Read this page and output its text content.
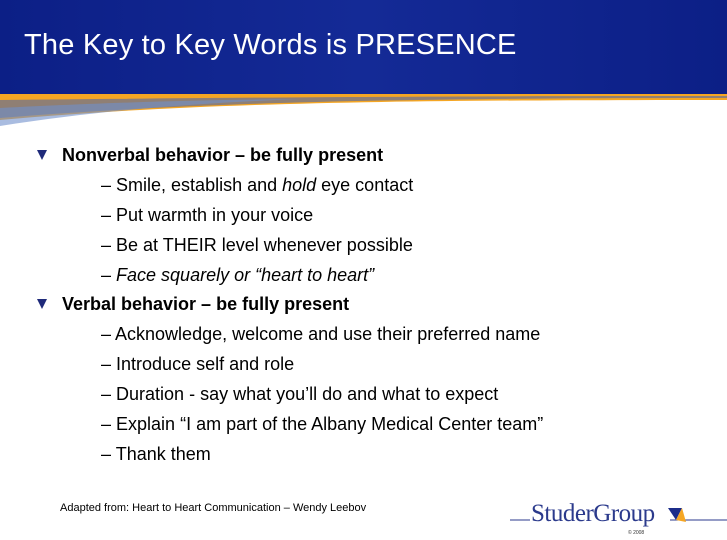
The Key to Key Words is PRESENCE
Nonverbal behavior – be fully present
– Smile, establish and hold eye contact
– Put warmth in your voice
– Be at THEIR level whenever possible
– Face squarely or “heart to heart”
Verbal behavior – be fully present
– Acknowledge, welcome and use their preferred name
– Introduce self and role
– Duration - say what you’ll do and what to expect
– Explain “I am part of the Albany Medical Center team”
– Thank them
Adapted from: Heart to Heart Communication – Wendy Leebov	StuderGroup
© 2008
